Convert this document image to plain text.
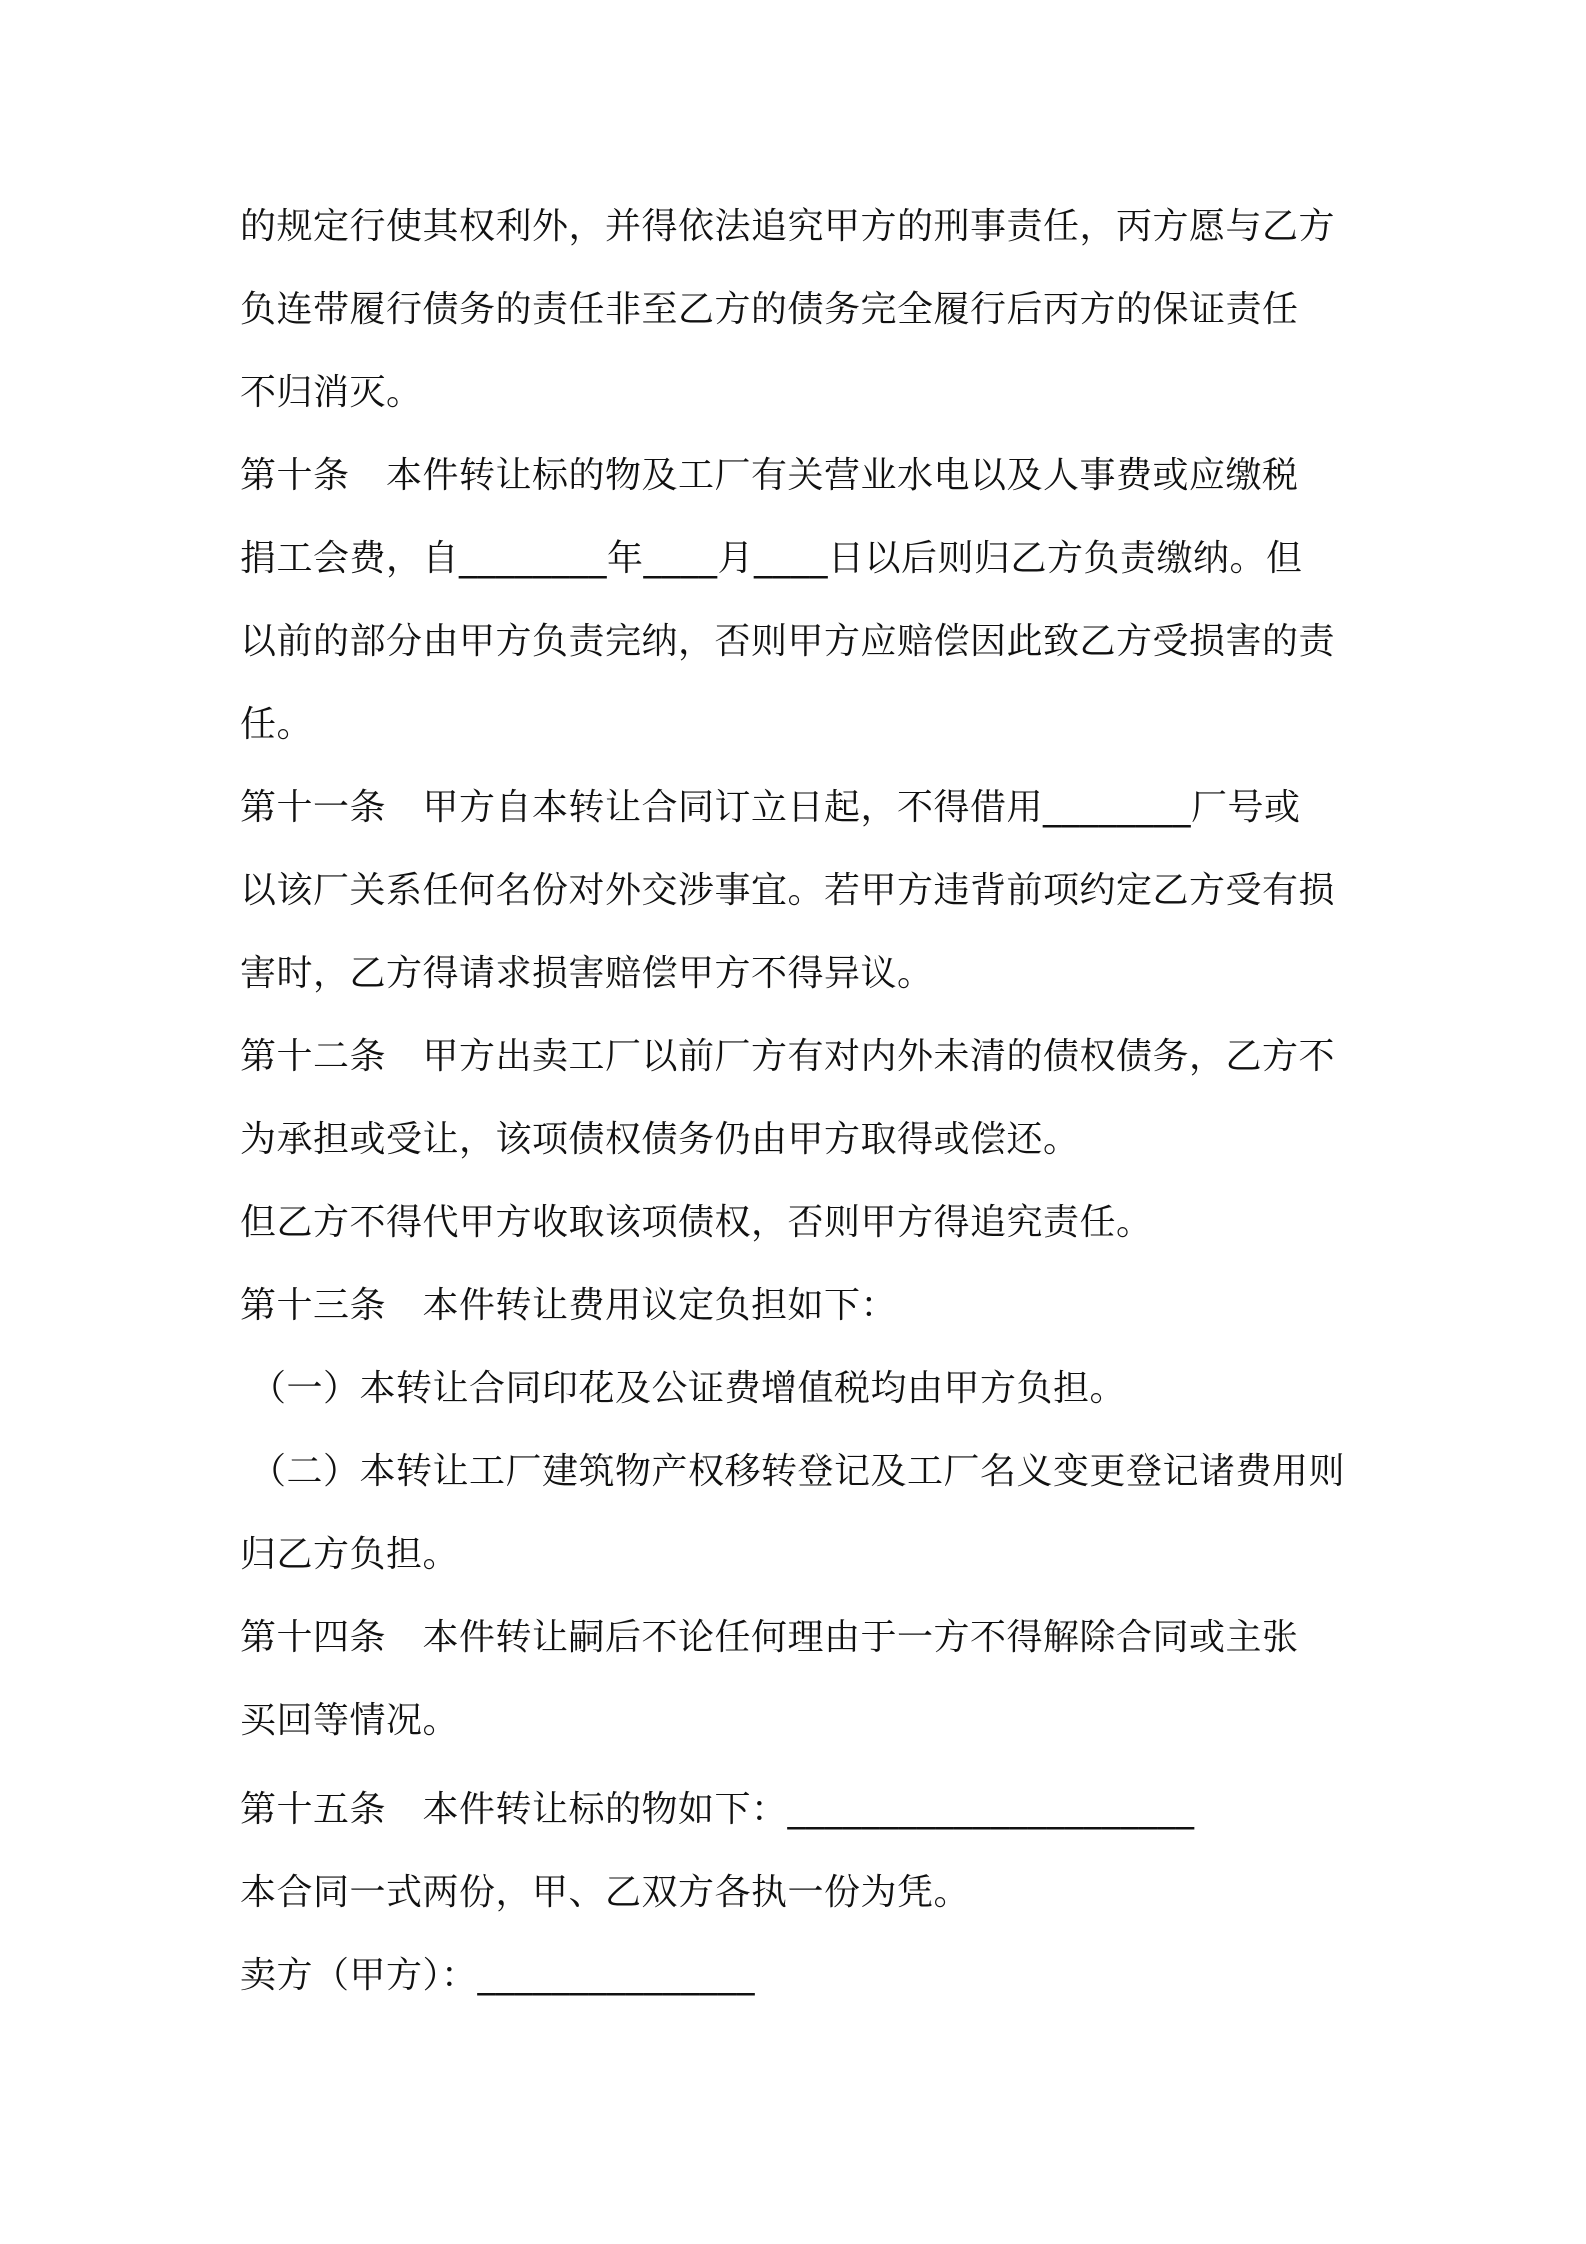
的规定行使其权利外，并得依法追究甲方的刑事责任，丙方愿与乙方
负连带履行债务的责任非至乙方的债务完全履行后丙方的保证责任
不归消灭。
第十条　本件转让标的物及工厂有关营业水电以及人事费或应缴税
捐工会费，自________年____月____日以后则归乙方负责缴纳。但
以前的部分由甲方负责完纳，否则甲方应赔偿因此致乙方受损害的责
任。
第十一条　甲方自本转让合同订立日起，不得借用________厂号或
以该厂关系任何名份对外交涉事宜。若甲方违背前项约定乙方受有损
害时，乙方得请求损害赔偿甲方不得异议。
第十二条　甲方出卖工厂以前厂方有对内外未清的债权债务，乙方不
为承担或受让，该项债权债务仍由甲方取得或偿还。
但乙方不得代甲方收取该项债权，否则甲方得追究责任。
第十三条　本件转让费用议定负担如下：
（一）本转让合同印花及公证费增值税均由甲方负担。
（二）本转让工厂建筑物产权移转登记及工厂名义变更登记诸费用则
归乙方负担。
第十四条　本件转让嗣后不论任何理由于一方不得解除合同或主张
买回等情况。
第十五条　本件转让标的物如下：______________________
本合同一式两份，甲、乙双方各执一份为凭。
卖方（甲方）：_______________
